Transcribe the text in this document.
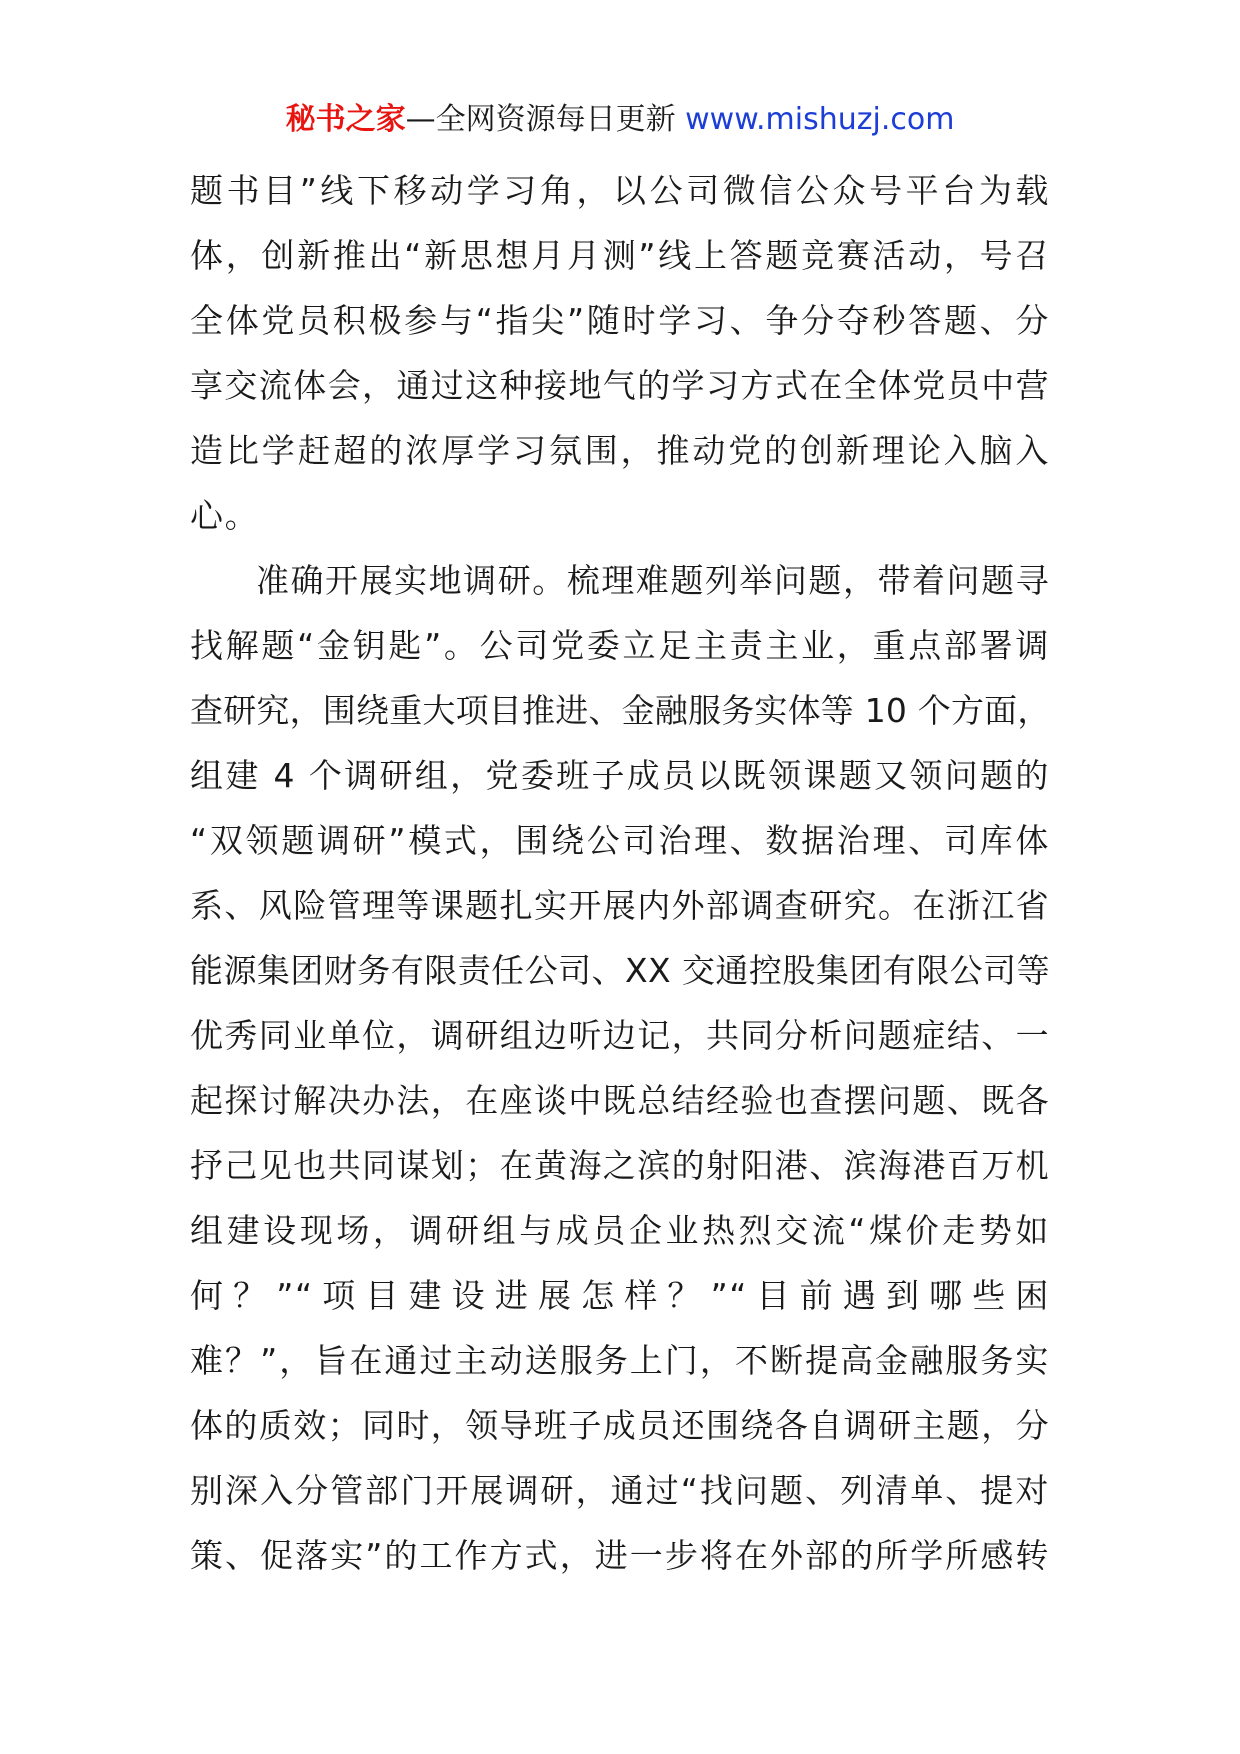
秘书之家—全网资源每日更新 www.mishuzj.com
题书目”线下移动学习角，以公司微信公众号平台为载
体，创新推出“新思想月月测”线上答题竞赛活动，号召
全体党员积极参与“指尖”随时学习、争分夺秒答题、分
享交流体会，通过这种接地气的学习方式在全体党员中营
造比学赶超的浓厚学习氛围，推动党的创新理论入脑入
心。
准确开展实地调研。梳理难题列举问题，带着问题寻
找解题“金钥匙”。公司党委立足主责主业，重点部署调
查研究，围绕重大项目推进、金融服务实体等 10 个方面，
组建 4 个调研组，党委班子成员以既领课题又领问题的
“双领题调研”模式，围绕公司治理、数据治理、司库体
系、风险管理等课题扎实开展内外部调查研究。在浙江省
能源集团财务有限责任公司、XX 交通控股集团有限公司等
优秀同业单位，调研组边听边记，共同分析问题症结、一
起探讨解决办法，在座谈中既总结经验也查摆问题、既各
抒己见也共同谋划；在黄海之滨的射阳港、滨海港百万机
组建设现场，调研组与成员企业热烈交流“煤价走势如
何？”“项目建设进展怎样？”“目前遇到哪些困
难？”，旨在通过主动送服务上门，不断提高金融服务实
体的质效；同时，领导班子成员还围绕各自调研主题，分
别深入分管部门开展调研，通过“找问题、列清单、提对
策、促落实”的工作方式，进一步将在外部的所学所感转
